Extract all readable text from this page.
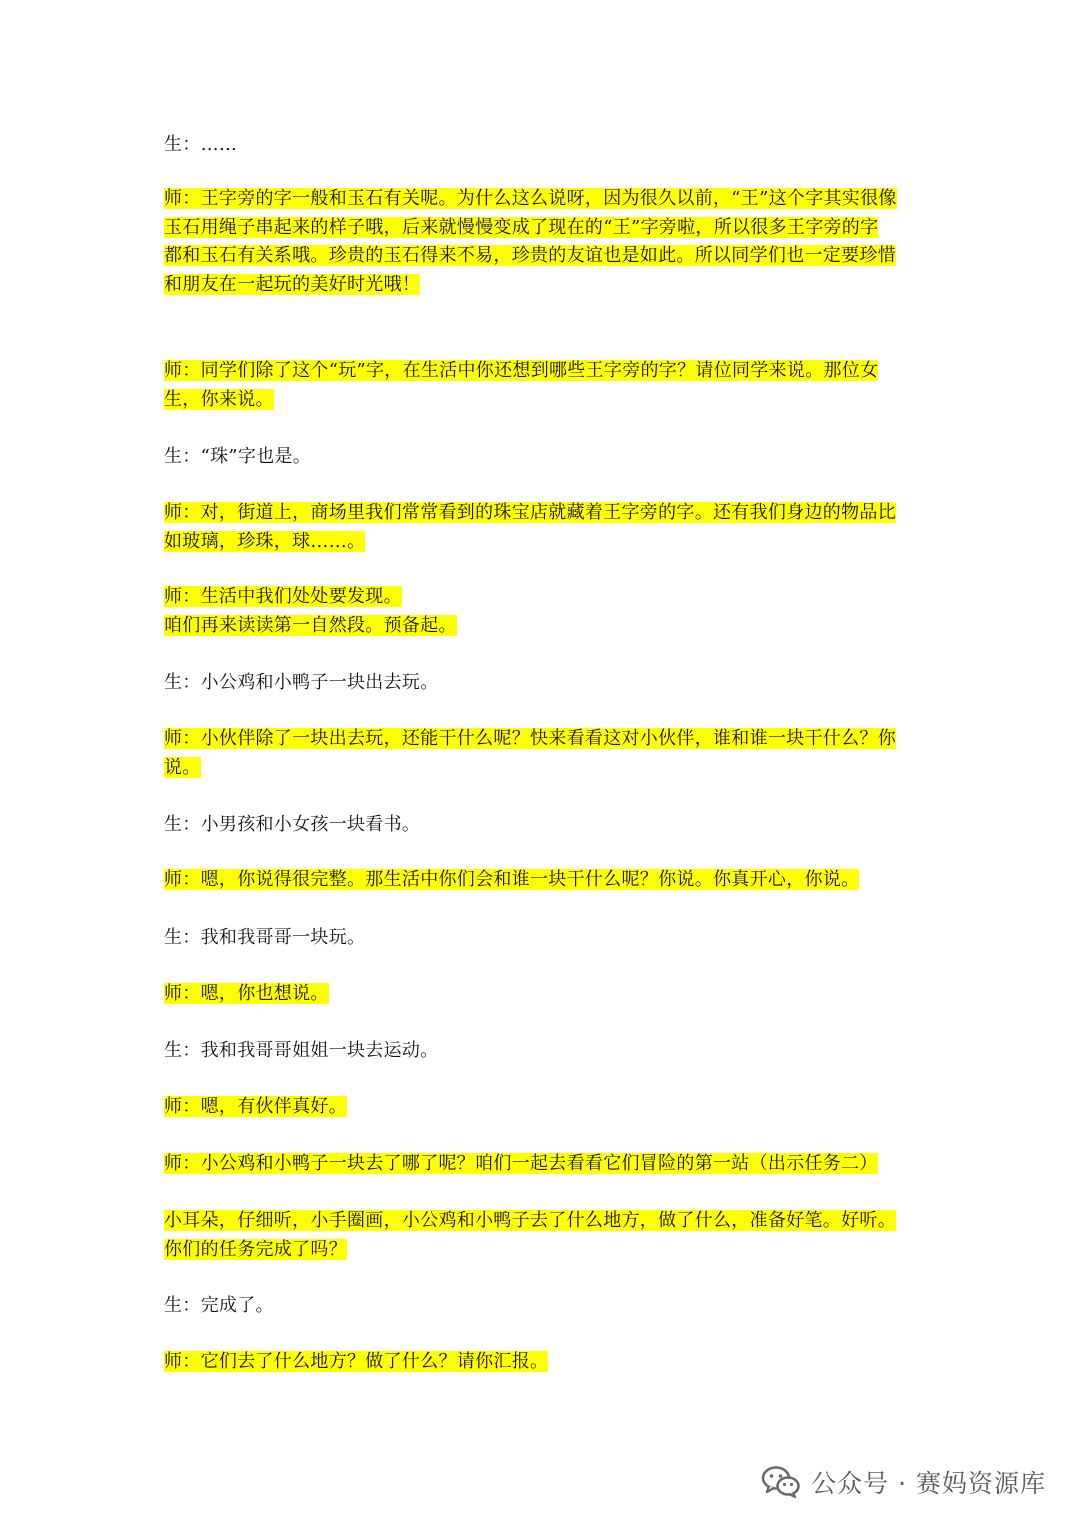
生：……
师：王字旁的字一般和玉石有关呢。为什么这么说呀，因为很久以前，“王”这个字其实很像
玉石用绳子串起来的样子哦，后来就慢慢变成了现在的“王”字旁啦，所以很多王字旁的字
都和玉石有关系哦。珍贵的玉石得来不易，珍贵的友谊也是如此。所以同学们也一定要珍惜
和朋友在一起玩的美好时光哦！
师：同学们除了这个“玩”字，在生活中你还想到哪些王字旁的字？请位同学来说。那位女
生，你来说。
生：“珠”字也是。
师：对，街道上，商场里我们常常看到的珠宝店就藏着王字旁的字。还有我们身边的物品比
如玻璃，珍珠，球……。
师：生活中我们处处要发现。
咱们再来读读第一自然段。预备起。
生：小公鸡和小鸭子一块出去玩。
师：小伙伴除了一块出去玩，还能干什么呢？快来看看这对小伙伴，谁和谁一块干什么？你
说。
生：小男孩和小女孩一块看书。
师：嗯，你说得很完整。那生活中你们会和谁一块干什么呢？你说。你真开心，你说。
生：我和我哥哥一块玩。
师：嗯，你也想说。
生：我和我哥哥姐姐一块去运动。
师：嗯，有伙伴真好。
师：小公鸡和小鸭子一块去了哪了呢？咱们一起去看看它们冒险的第一站（出示任务二）
小耳朵，仔细听，小手圈画，小公鸡和小鸭子去了什么地方，做了什么，准备好笔。好听。
你们的任务完成了吗？
生：完成了。
师：它们去了什么地方？做了什么？请你汇报。
公众号 · 赛妈资源库
